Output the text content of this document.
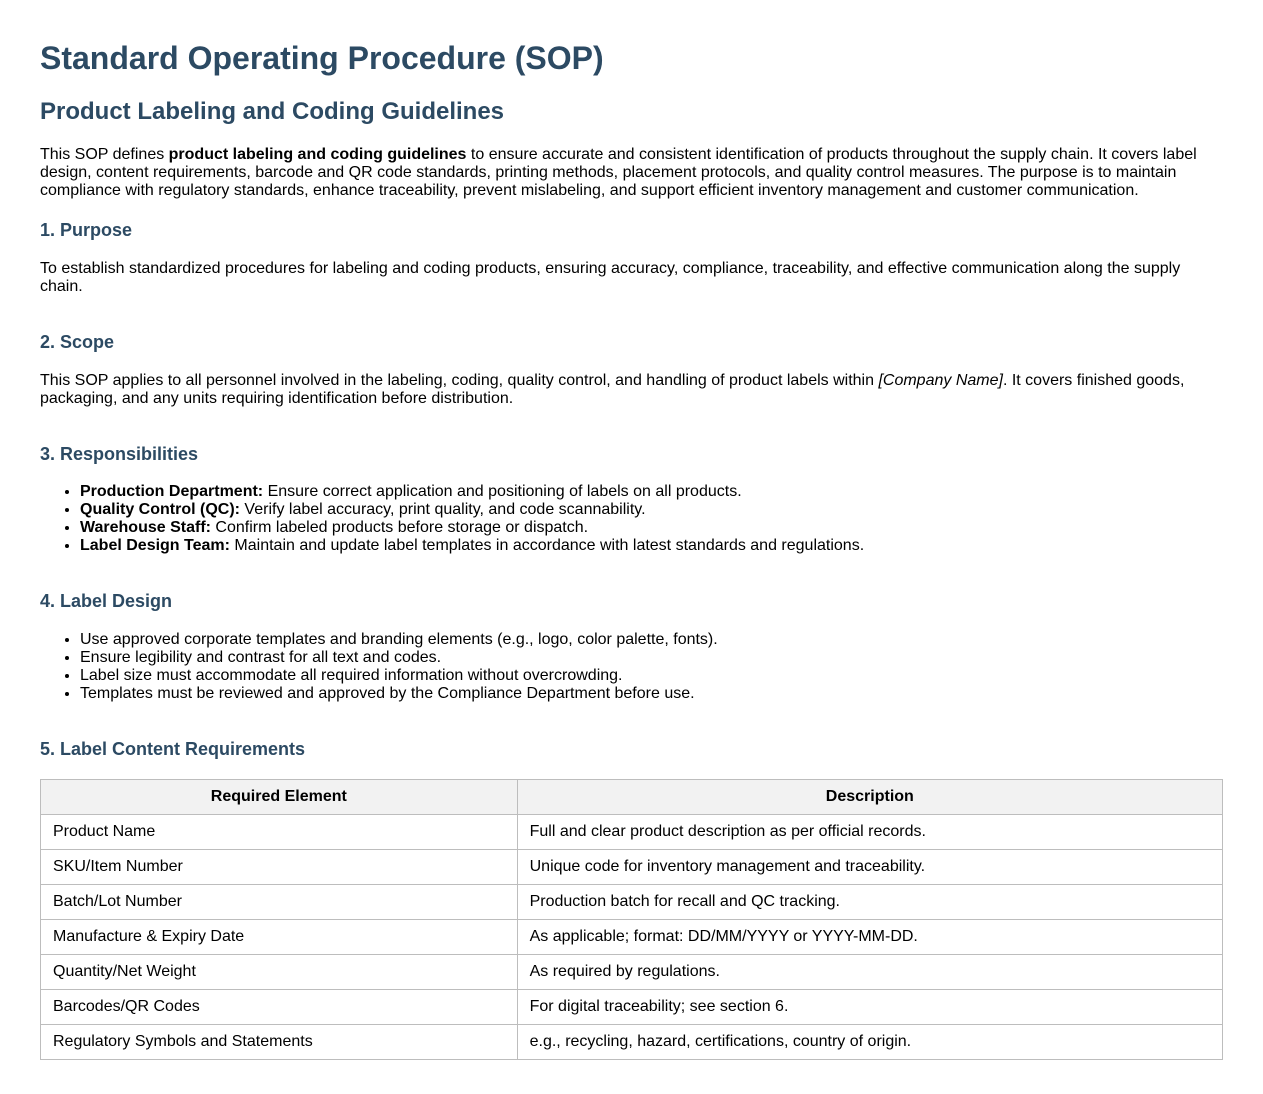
Standard Operating Procedure (SOP)
Product Labeling and Coding Guidelines

This SOP defines product labeling and coding guidelines to ensure accurate and consistent identification of products throughout the supply chain. It covers label design, content requirements, barcode and QR code standards, printing methods, placement protocols, and quality control measures. The purpose is to maintain compliance with regulatory standards, enhance traceability, prevent mislabeling, and support efficient inventory management and customer communication.

1. Purpose

To establish standardized procedures for labeling and coding products, ensuring accuracy, compliance, traceability, and effective communication along the supply chain.

2. Scope

This SOP applies to all personnel involved in the labeling, coding, quality control, and handling of product labels within [Company Name]. It covers finished goods, packaging, and any units requiring identification before distribution.

3. Responsibilities
• Production Department: Ensure correct application and positioning of labels on all products.
• Quality Control (QC): Verify label accuracy, print quality, and code scannability.
• Warehouse Staff: Confirm labeled products before storage or dispatch.
• Label Design Team: Maintain and update label templates in accordance with latest standards and regulations.
4. Label Design
• Use approved corporate templates and branding elements (e.g., logo, color palette, fonts).
• Ensure legibility and contrast for all text and codes.
• Label size must accommodate all required information without overcrowding.
• Templates must be reviewed and approved by the Compliance Department before use.
5. Label Content Requirements
Required Element	Description
Product Name	Full and clear product description as per official records.
SKU/Item Number	Unique code for inventory management and traceability.
Batch/Lot Number	Production batch for recall and QC tracking.
Manufacture & Expiry Date	As applicable; format: DD/MM/YYYY or YYYY-MM-DD.
Quantity/Net Weight	As required by regulations.
Barcodes/QR Codes	For digital traceability; see section 6.
Regulatory Symbols and Statements	e.g., recycling, hazard, certifications, country of origin.
